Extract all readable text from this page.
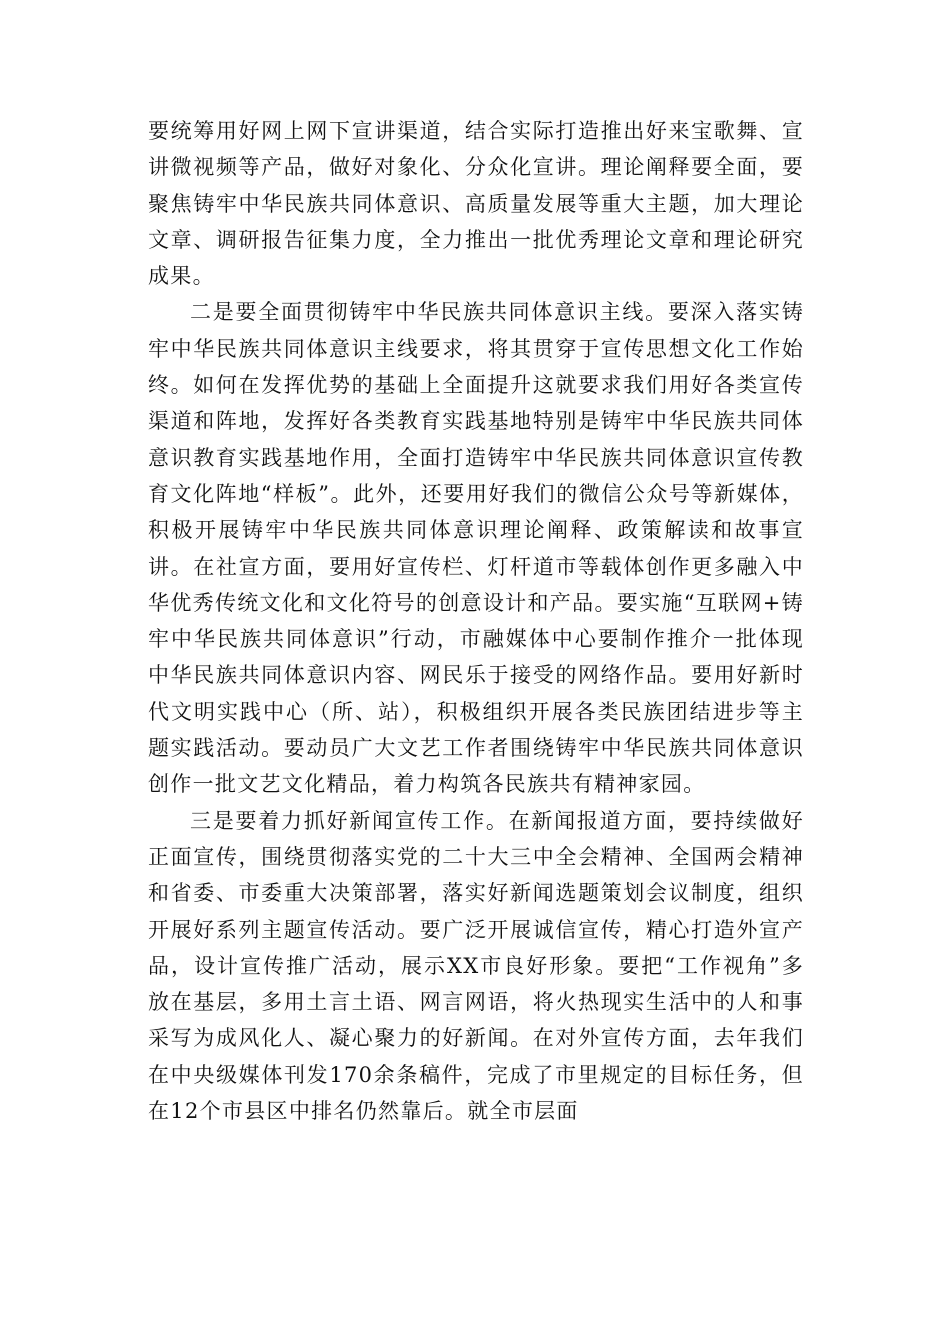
要统筹用好网上网下宣讲渠道，结合实际打造推出好来宝歌舞、宣讲微视频等产品，做好对象化、分众化宣讲。理论阐释要全面，要聚焦铸牢中华民族共同体意识、高质量发展等重大主题，加大理论文章、调研报告征集力度，全力推出一批优秀理论文章和理论研究成果。

二是要全面贯彻铸牢中华民族共同体意识主线。要深入落实铸牢中华民族共同体意识主线要求，将其贯穿于宣传思想文化工作始终。如何在发挥优势的基础上全面提升这就要求我们用好各类宣传渠道和阵地，发挥好各类教育实践基地特别是铸牢中华民族共同体意识教育实践基地作用，全面打造铸牢中华民族共同体意识宣传教育文化阵地“样板”。此外，还要用好我们的微信公众号等新媒体，积极开展铸牢中华民族共同体意识理论阐释、政策解读和故事宣讲。在社宣方面，要用好宣传栏、灯杆道市等载体创作更多融入中华优秀传统文化和文化符号的创意设计和产品。要实施“互联网+铸牢中华民族共同体意识”行动，市融媒体中心要制作推介一批体现中华民族共同体意识内容、网民乐于接受的网络作品。要用好新时代文明实践中心（所、站），积极组织开展各类民族团结进步等主题实践活动。要动员广大文艺工作者围绕铸牢中华民族共同体意识创作一批文艺文化精品，着力构筑各民族共有精神家园。

三是要着力抓好新闻宣传工作。在新闻报道方面，要持续做好正面宣传，围绕贯彻落实党的二十大三中全会精神、全国两会精神和省委、市委重大决策部署，落实好新闻选题策划会议制度，组织开展好系列主题宣传活动。要广泛开展诚信宣传，精心打造外宣产品，设计宣传推广活动，展示XX市良好形象。要把“工作视角”多放在基层，多用土言土语、网言网语，将火热现实生活中的人和事采写为成风化人、凝心聚力的好新闻。在对外宣传方面，去年我们在中央级媒体刊发170余条稿件，完成了市里规定的目标任务，但在12个市县区中排名仍然靠后。就全市层面
